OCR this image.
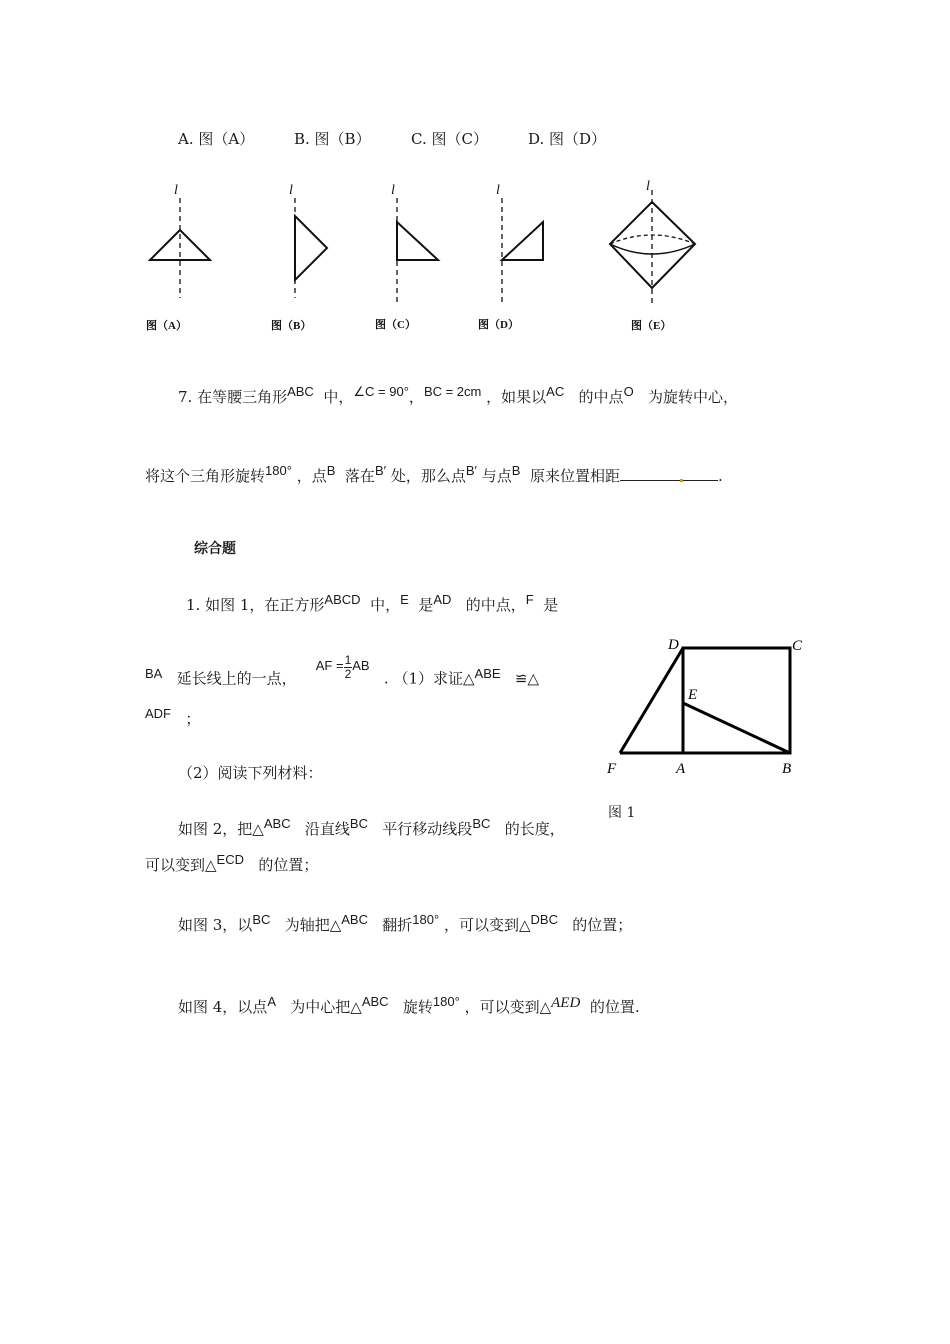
A. 图（A）	B. 图（B）	C. 图（C）	D. 图（D）
l	l	l	l	l
图（A）	图（B）	图（C）	图（D）	图（E）
7. 在等腰三角形ABC 中，∠C = 90°，BC = 2cm ，如果以AC 的中点O 为旋转中心，
将这个三角形旋转180° ，点B 落在B′ 处，那么点B′ 与点B 原来位置相距	.
综合题
1. 如图 1，在正方形ABCD 中，E 是AD 的中点，F 是
BA 延长线上的一点，    AF = $\frac{1}{2}AB$   . （1）求证△ABE ≌△
ADF ；
（2）阅读下列材料：
如图 2，把△ABC 沿直线BC 平行移动线段BC 的长度，
可以变到△ECD 的位置；
如图 3，以BC 为轴把△ABC 翻折180° ，可以变到△DBC 的位置；
如图 4，以点A 为中心把△ABC 旋转180° ，可以变到△AED 的位置.
D	C
E
F	A	B
图 1
